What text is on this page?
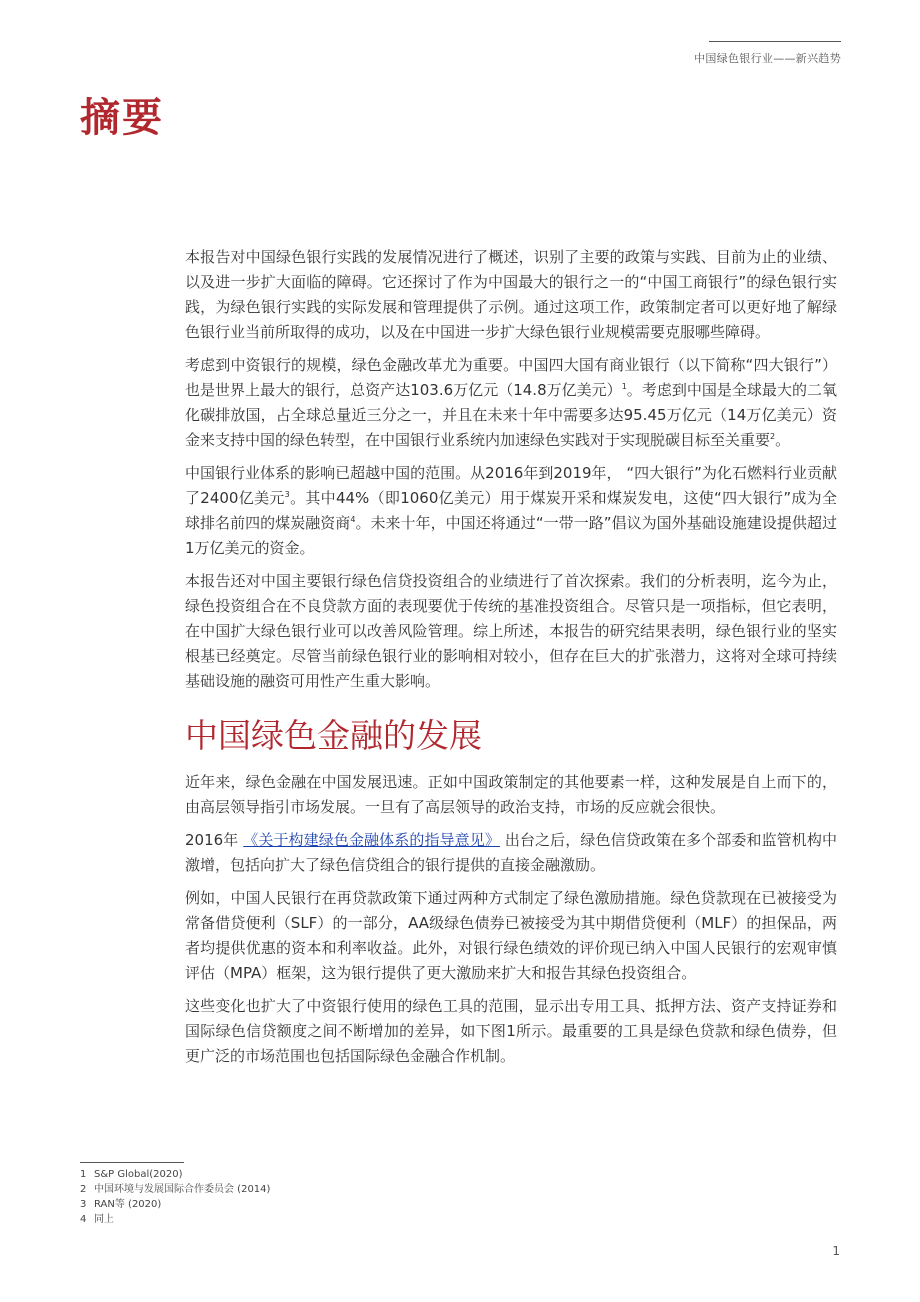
中国绿色银行业——新兴趋势
摘要

本报告对中国绿色银行实践的发展情况进行了概述，识别了主要的政策与实践、目前为止的业绩、以及进一步扩大面临的障碍。它还探讨了作为中国最大的银行之一的“中国工商银行”的绿色银行实践，为绿色银行实践的实际发展和管理提供了示例。通过这项工作，政策制定者可以更好地了解绿色银行业当前所取得的成功，以及在中国进一步扩大绿色银行业规模需要克服哪些障碍。

考虑到中资银行的规模，绿色金融改革尤为重要。中国四大国有商业银行（以下简称“四大银行”）也是世界上最大的银行，总资产达103.6万亿元（14.8万亿美元）$^1$。考虑到中国是全球最大的二氧化碳排放国，占全球总量近三分之一，并且在未来十年中需要多达95.45万亿元（14万亿美元）资金来支持中国的绿色转型，在中国银行业系统内加速绿色实践对于实现脱碳目标至关重要$^2$。

中国银行业体系的影响已超越中国的范围。从2016年到2019年， “四大银行”为化石燃料行业贡献了2400亿美元$^3$。其中44%（即1060亿美元）用于煤炭开采和煤炭发电，这使“四大银行”成为全球排名前四的煤炭融资商$^4$。未来十年，中国还将通过“一带一路”倡议为国外基础设施建设提供超过1万亿美元的资金。

本报告还对中国主要银行绿色信贷投资组合的业绩进行了首次探索。我们的分析表明，迄今为止，绿色投资组合在不良贷款方面的表现要优于传统的基准投资组合。尽管只是一项指标，但它表明，在中国扩大绿色银行业可以改善风险管理。综上所述，本报告的研究结果表明，绿色银行业的坚实根基已经奠定。尽管当前绿色银行业的影响相对较小，但存在巨大的扩张潜力，这将对全球可持续基础设施的融资可用性产生重大影响。

中国绿色金融的发展

近年来，绿色金融在中国发展迅速。正如中国政策制定的其他要素一样，这种发展是自上而下的，由高层领导指引市场发展。一旦有了高层领导的政治支持，市场的反应就会很快。

2016年 《关于构建绿色金融体系的指导意见》 出台之后，绿色信贷政策在多个部委和监管机构中激增，包括向扩大了绿色信贷组合的银行提供的直接金融激励。

例如，中国人民银行在再贷款政策下通过两种方式制定了绿色激励措施。绿色贷款现在已被接受为常备借贷便利（SLF）的一部分，AA级绿色债券已被接受为其中期借贷便利（MLF）的担保品，两者均提供优惠的资本和利率收益。此外，对银行绿色绩效的评价现已纳入中国人民银行的宏观审慎评估（MPA）框架，这为银行提供了更大激励来扩大和报告其绿色投资组合。

这些变化也扩大了中资银行使用的绿色工具的范围，显示出专用工具、抵押方法、资产支持证券和国际绿色信贷额度之间不断增加的差异，如下图1所示。最重要的工具是绿色贷款和绿色债券，但更广泛的市场范围也包括国际绿色金融合作机制。

1 S&P Global(2020)
2 中国环境与发展国际合作委员会 (2014)
3 RAN等 (2020)
4 同上
1
